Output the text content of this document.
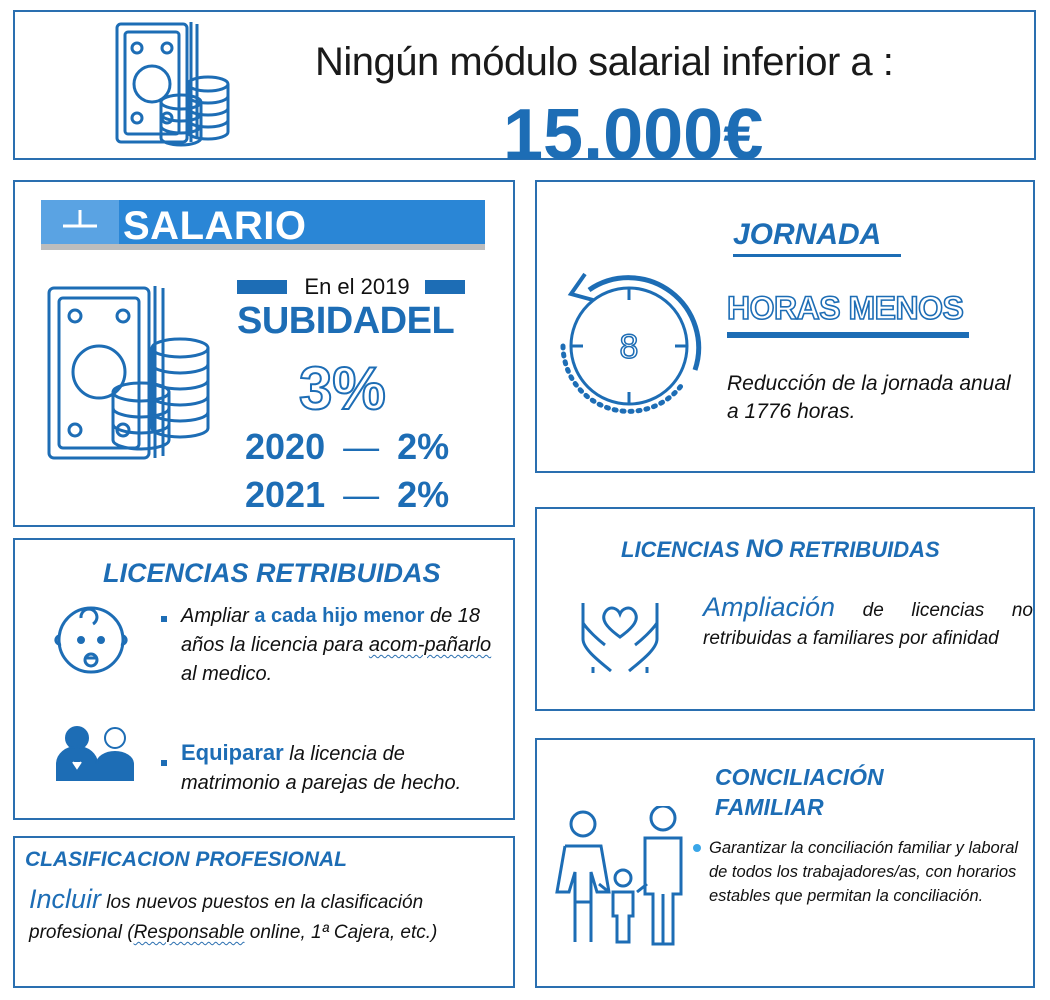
Ningún módulo salarial inferior a :
15.000€
SALARIO
En el 2019
SUBIDADEL
3%
2020 — 2%
2021 — 2%
JORNADA
8
HORAS MENOS
Reducción de la jornada anual a 1776 horas.
LICENCIAS RETRIBUIDAS
Ampliar a cada hijo menor de 18 años la licencia para acom-pañarlo al medico.
Equiparar la licencia de matrimonio a parejas de hecho.
LICENCIAS NO RETRIBUIDAS
Ampliación de licencias no retribuidas a familiares por afinidad
CONCILIACIÓN FAMILIAR
Garantizar la conciliación familiar y laboral de todos los trabajadores/as, con horarios estables que permitan la conciliación.
CLASIFICACION PROFESIONAL
Incluir los nuevos puestos en la clasificación profesional (Responsable online, 1ª Cajera, etc.)
